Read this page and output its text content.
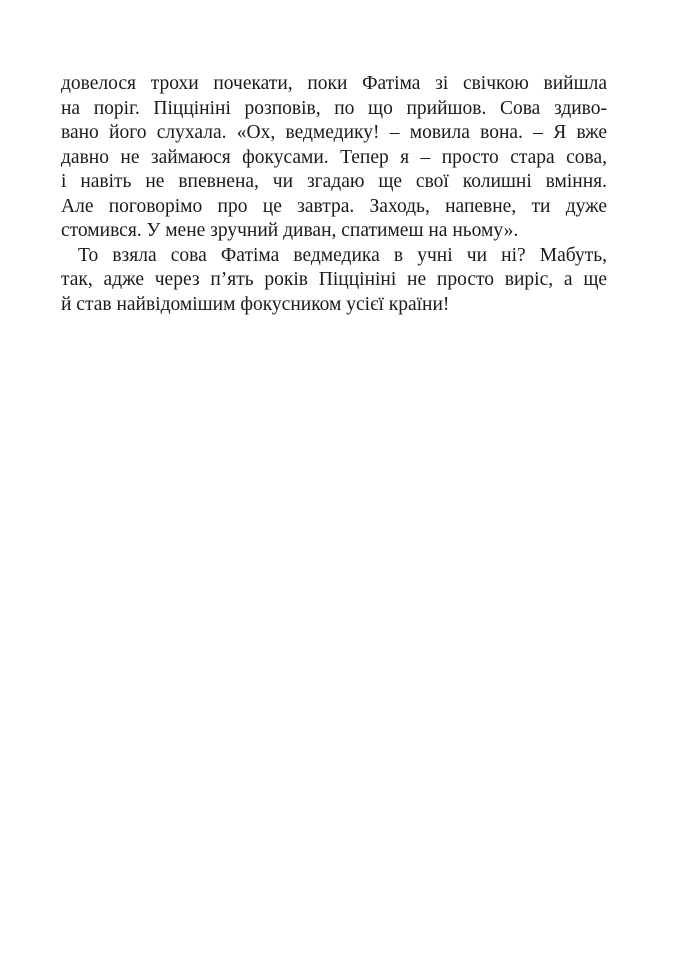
довелося трохи почекати, поки Фатіма зі свічкою вийшла
на поріг. Піццініні розповів, по що прийшов. Сова здиво-
вано його слухала. «Ох, ведмедику! – мовила вона. – Я вже
давно не займаюся фокусами. Тепер я – просто стара сова,
і навіть не впевнена, чи згадаю ще свої колишні вміння.
Але поговорімо про це завтра. Заходь, напевне, ти дуже
стомився. У мене зручний диван, спатимеш на ньому».
То взяла сова Фатіма ведмедика в учні чи ні? Мабуть,
так, адже через п’ять років Піццініні не просто виріс, а ще
й став найвідомішим фокусником усієї країни!
